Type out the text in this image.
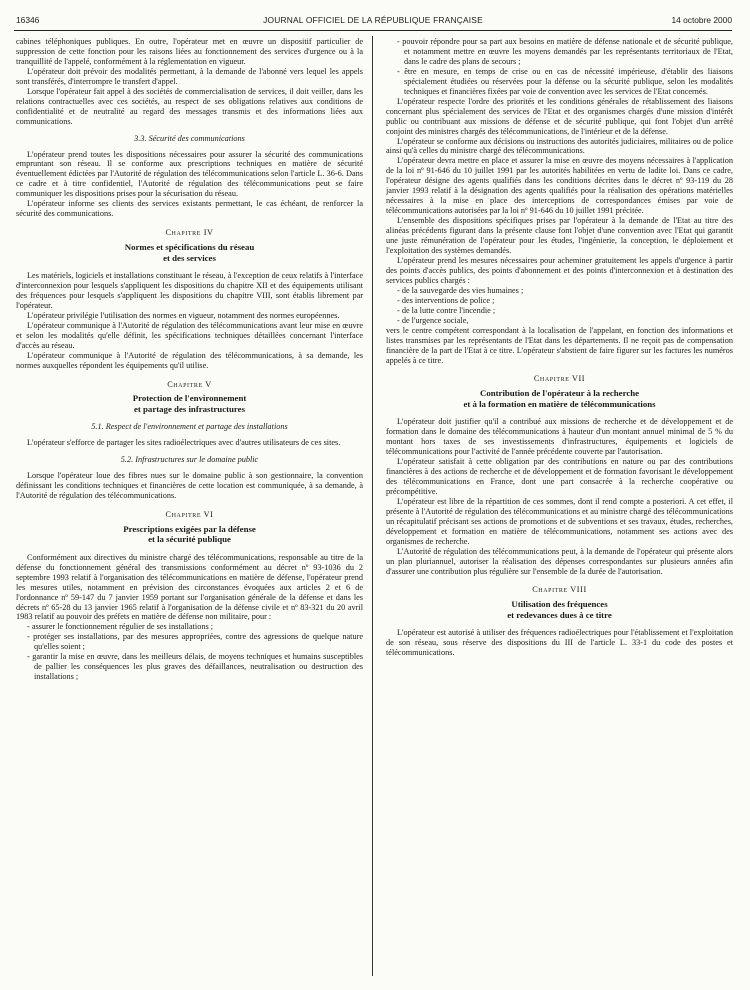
16346	JOURNAL OFFICIEL DE LA RÉPUBLIQUE FRANÇAISE	14 octobre 2000

cabines téléphoniques publiques. En outre, l'opérateur met en œuvre un dispositif particulier de suppression de cette fonction pour les raisons liées au fonctionnement des services d'urgence ou à la tranquillité de l'appelé, conformément à la réglementation en vigueur.

L'opérateur doit prévoir des modalités permettant, à la demande de l'abonné vers lequel les appels sont transférés, d'interrompre le transfert d'appel.

Lorsque l'opérateur fait appel à des sociétés de commercialisation de services, il doit veiller, dans les relations contractuelles avec ces sociétés, au respect de ses obligations relatives aux conditions de confidentialité et de neutralité au regard des messages transmis et des informations liées aux communications.

3.3. Sécurité des communications

L'opérateur prend toutes les dispositions nécessaires pour assurer la sécurité des communications empruntant son réseau. Il se conforme aux prescriptions techniques en matière de sécurité éventuellement édictées par l'Autorité de régulation des télécommunications selon l'article L. 36-6. Dans ce cadre et à titre confidentiel, l'Autorité de régulation des télécommunications peut se faire communiquer les dispositions prises pour la sécurisation du réseau.

L'opérateur informe ses clients des services existants permettant, le cas échéant, de renforcer la sécurité des communications.

Chapitre IV
Normes et spécifications du réseau
et des services

Les matériels, logiciels et installations constituant le réseau, à l'exception de ceux relatifs à l'interface d'interconnexion pour lesquels s'appliquent les dispositions du chapitre XII et des équipements utilisant des fréquences pour lesquels s'appliquent les dispositions du chapitre VIII, sont établis librement par l'opérateur.

L'opérateur privilégie l'utilisation des normes en vigueur, notamment des normes européennes.

L'opérateur communique à l'Autorité de régulation des télécommunications avant leur mise en œuvre et selon les modalités qu'elle définit, les spécifications techniques détaillées concernant l'interface d'accès au réseau.

L'opérateur communique à l'Autorité de régulation des télécommunications, à sa demande, les normes auxquelles répondent les équipements qu'il utilise.

Chapitre V
Protection de l'environnement
et partage des infrastructures
5.1. Respect de l'environnement et partage des installations

L'opérateur s'efforce de partager les sites radioélectriques avec d'autres utilisateurs de ces sites.

5.2. Infrastructures sur le domaine public

Lorsque l'opérateur loue des fibres nues sur le domaine public à son gestionnaire, la convention définissant les conditions techniques et financières de cette location est communiquée, à sa demande, à l'Autorité de régulation des télécommunications.

Chapitre VI
Prescriptions exigées par la défense
et la sécurité publique

Conformément aux directives du ministre chargé des télécommunications, responsable au titre de la défense du fonctionnement général des transmissions conformément au décret nº 93-1036 du 2 septembre 1993 relatif à l'organisation des télécommunications en matière de défense, l'opérateur prend les mesures utiles, notamment en prévision des circonstances évoquées aux articles 2 et 6 de l'ordonnance nº 59-147 du 7 janvier 1959 portant sur l'organisation générale de la défense et dans les décrets nº 65-28 du 13 janvier 1965 relatif à l'organisation de la défense civile et nº 83-321 du 20 avril 1983 relatif au pouvoir des préfets en matière de défense non militaire, pour :

- assurer le fonctionnement régulier de ses installations ;

- protéger ses installations, par des mesures appropriées, contre des agressions de quelque nature qu'elles soient ;

- garantir la mise en œuvre, dans les meilleurs délais, de moyens techniques et humains susceptibles de pallier les conséquences les plus graves des défaillances, neutralisation ou destruction des installations ;

- pouvoir répondre pour sa part aux besoins en matière de défense nationale et de sécurité publique, et notamment mettre en œuvre les moyens demandés par les représentants territoriaux de l'Etat, dans le cadre des plans de secours ;

- être en mesure, en temps de crise ou en cas de nécessité impérieuse, d'établir des liaisons spécialement étudiées ou réservées pour la défense ou la sécurité publique, selon les modalités techniques et financières fixées par voie de convention avec les services de l'Etat concernés.

L'opérateur respecte l'ordre des priorités et les conditions générales de rétablissement des liaisons concernant plus spécialement des services de l'Etat et des organismes chargés d'une mission d'intérêt public ou contribuant aux missions de défense et de sécurité publique, qui font l'objet d'un arrêté conjoint des ministres chargés des télécommunications, de l'intérieur et de la défense.

L'opérateur se conforme aux décisions ou instructions des autorités judiciaires, militaires ou de police ainsi qu'à celles du ministre chargé des télécommunications.

L'opérateur devra mettre en place et assurer la mise en œuvre des moyens nécessaires à l'application de la loi nº 91-646 du 10 juillet 1991 par les autorités habilitées en vertu de ladite loi. Dans ce cadre, l'opérateur désigne des agents qualifiés dans les conditions décrites dans le décret nº 93-119 du 28 janvier 1993 relatif à la désignation des agents qualifiés pour la réalisation des opérations matérielles nécessaires à la mise en place des interceptions de correspondances émises par voie de télécommunications autorisées par la loi nº 91-646 du 10 juillet 1991 précitée.

L'ensemble des dispositions spécifiques prises par l'opérateur à la demande de l'Etat au titre des alinéas précédents figurant dans la présente clause font l'objet d'une convention avec l'Etat qui garantit une juste rémunération de l'opérateur pour les études, l'ingénierie, la conception, le déploiement et l'exploitation des systèmes demandés.

L'opérateur prend les mesures nécessaires pour acheminer gratuitement les appels d'urgence à partir des points d'accès publics, des points d'abonnement et des points d'interconnexion et à destination des services publics chargés :

- de la sauvegarde des vies humaines ;

- des interventions de police ;

- de la lutte contre l'incendie ;

- de l'urgence sociale,

vers le centre compétent correspondant à la localisation de l'appelant, en fonction des informations et listes transmises par les représentants de l'Etat dans les départements. Il ne reçoit pas de compensation financière de la part de l'Etat à ce titre. L'opérateur s'abstient de faire figurer sur les factures les numéros appelés à ce titre.

Chapitre VII
Contribution de l'opérateur à la recherche
et à la formation en matière de télécommunications

L'opérateur doit justifier qu'il a contribué aux missions de recherche et de développement et de formation dans le domaine des télécommunications à hauteur d'un montant annuel minimal de 5 % du montant hors taxes de ses investissements d'infrastructures, équipements et logiciels de télécommunications pour l'activité de l'année précédente couverte par l'autorisation.

L'opérateur satisfait à cette obligation par des contributions en nature ou par des contributions financières à des actions de recherche et de développement et de formation favorisant le développement des télécommunications en France, dont une part consacrée à la recherche coopérative ou précompétitive.

L'opérateur est libre de la répartition de ces sommes, dont il rend compte a posteriori. A cet effet, il présente à l'Autorité de régulation des télécommunications et au ministre chargé des télécommunications un récapitulatif précisant ses actions de promotions et de subventions et ses travaux, études, recherches, développement et formation en matière de télécommunications, notamment ses actions avec des organismes de recherche.

L'Autorité de régulation des télécommunications peut, à la demande de l'opérateur qui présente alors un plan pluriannuel, autoriser la réalisation des dépenses correspondantes sur plusieurs années afin d'assurer une contribution plus régulière sur l'ensemble de la durée de l'autorisation.

Chapitre VIII
Utilisation des fréquences
et redevances dues à ce titre

L'opérateur est autorisé à utiliser des fréquences radioélectriques pour l'établissement et l'exploitation de son réseau, sous réserve des dispositions du III de l'article L. 33-1 du code des postes et télécommunications.
